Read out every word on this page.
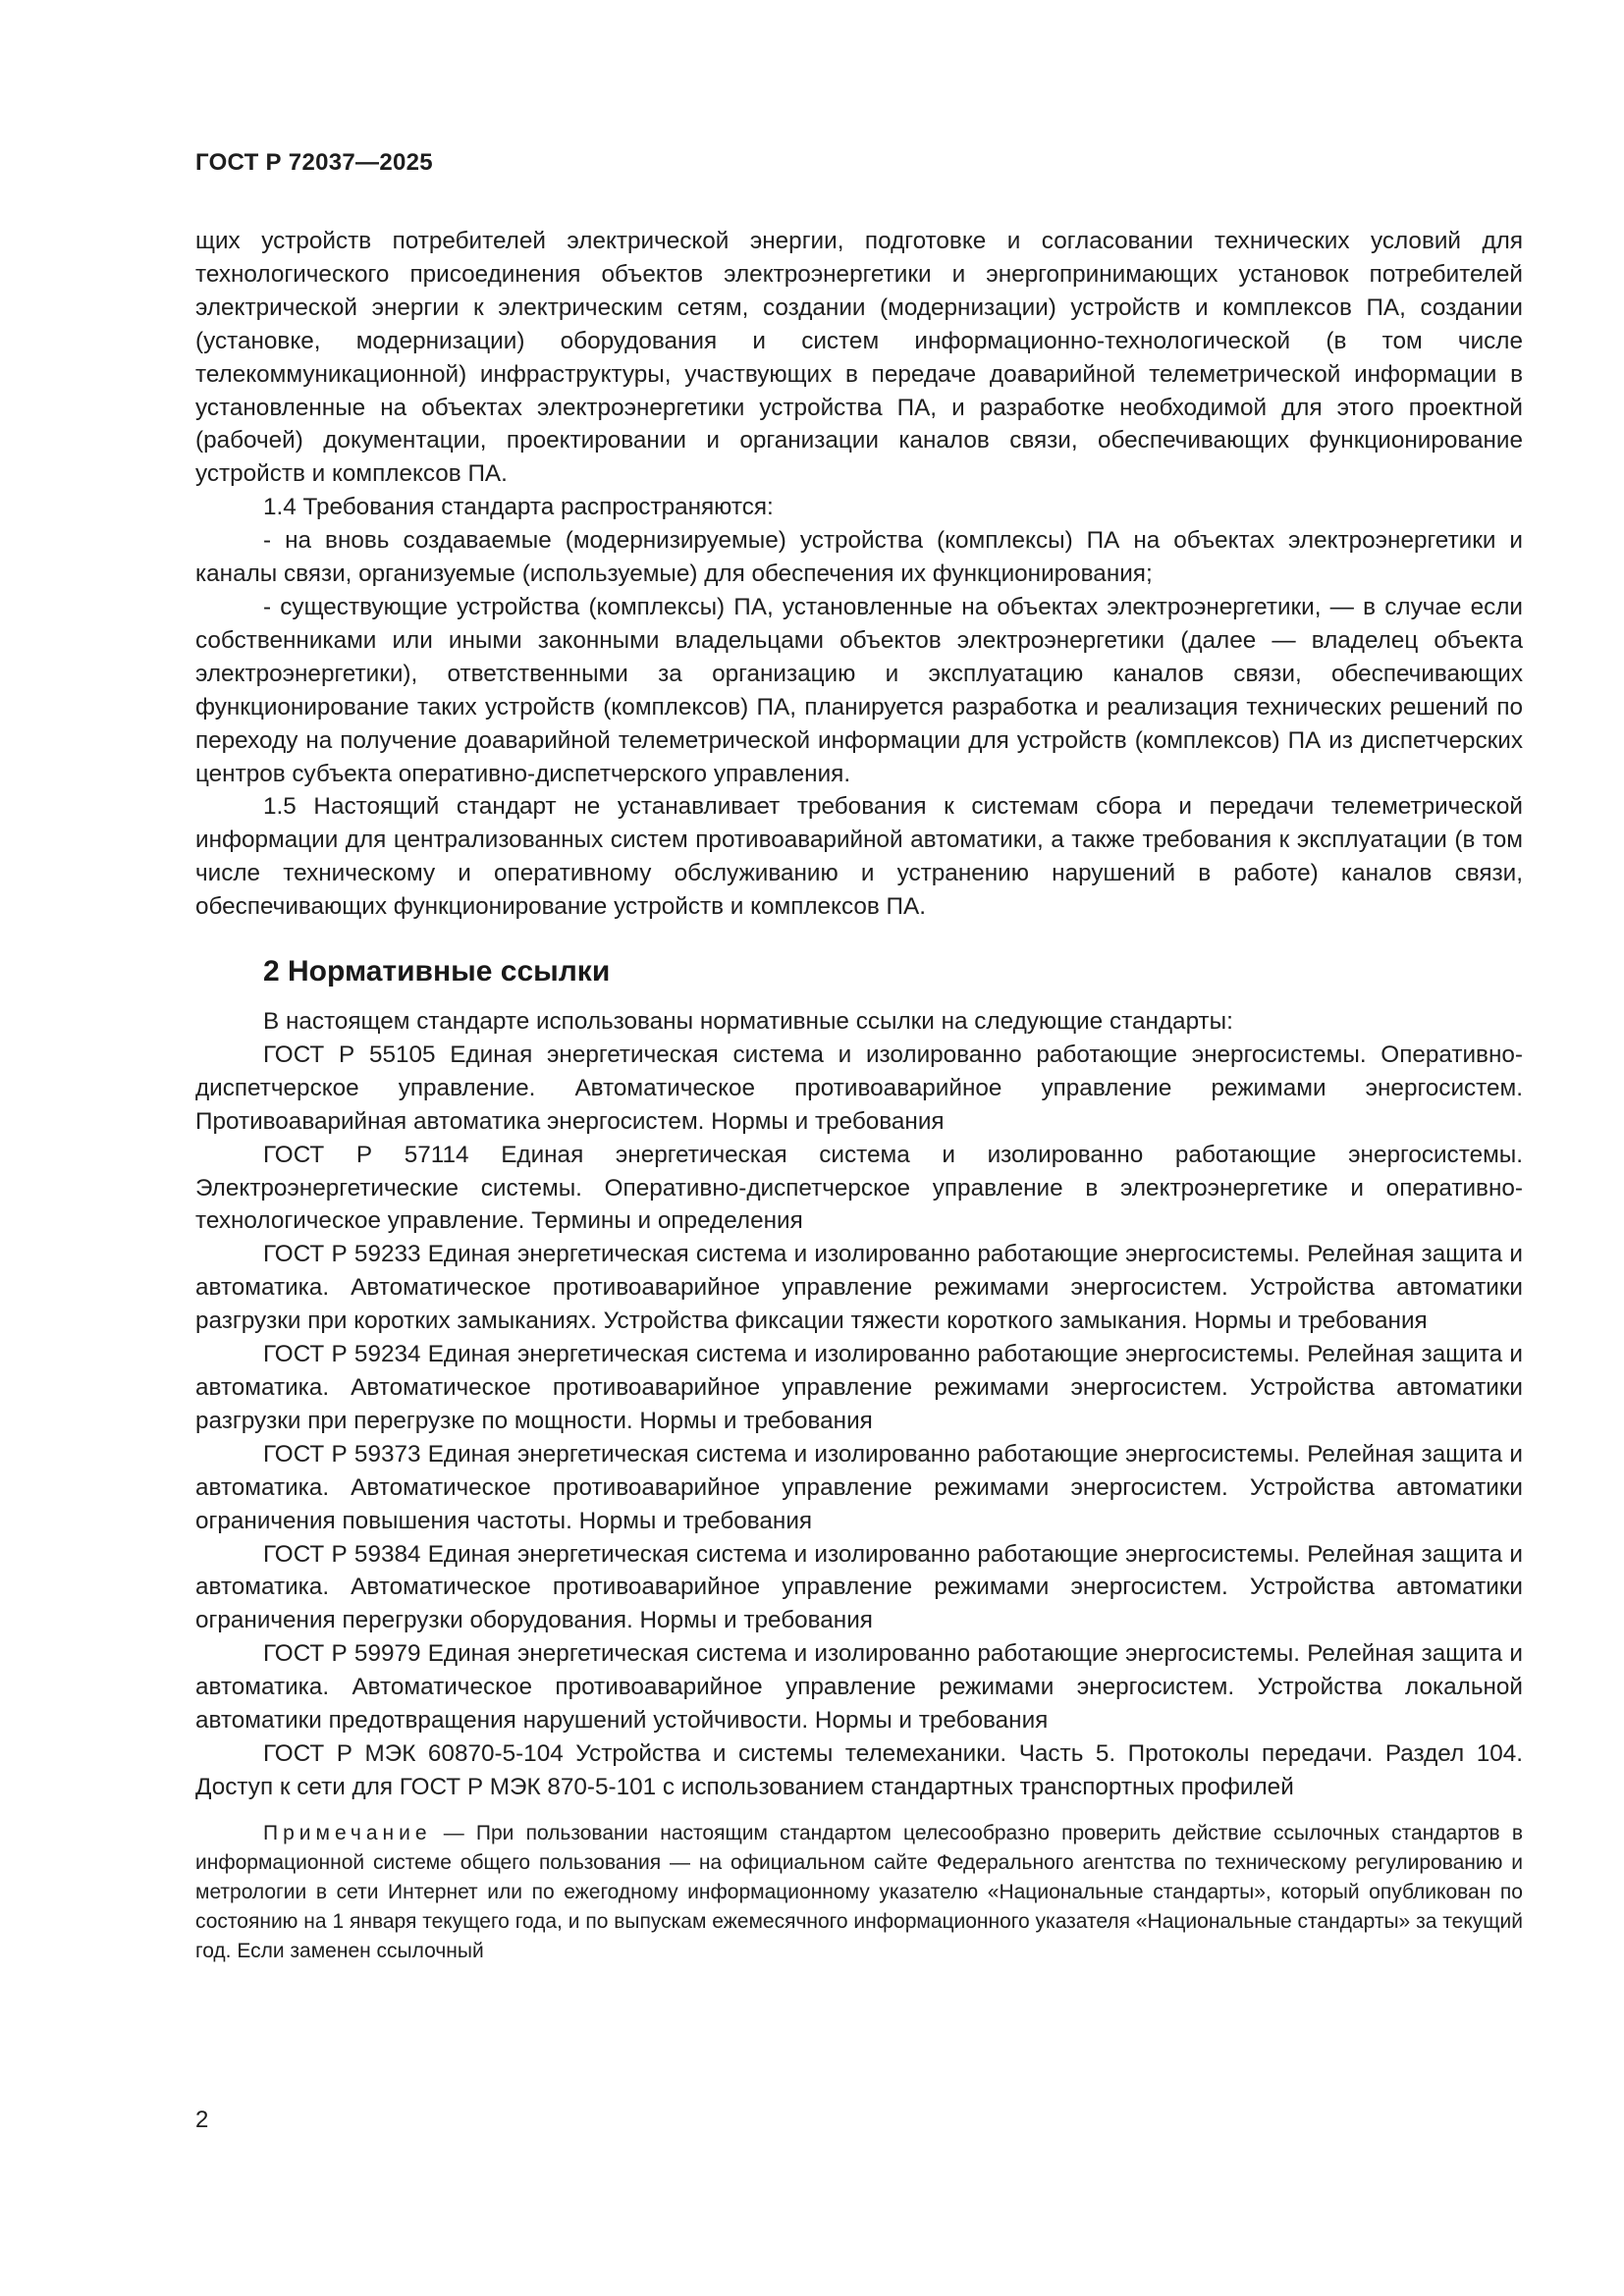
ГОСТ Р 72037—2025

щих устройств потребителей электрической энергии, подготовке и согласовании технических условий для технологического присоединения объектов электроэнергетики и энергопринимающих установок потребителей электрической энергии к электрическим сетям, создании (модернизации) устройств и комплексов ПА, создании (установке, модернизации) оборудования и систем информационно-технологической (в том числе телекоммуникационной) инфраструктуры, участвующих в передаче доаварийной телеметрической информации в установленные на объектах электроэнергетики устройства ПА, и разработке необходимой для этого проектной (рабочей) документации, проектировании и организации каналов связи, обеспечивающих функционирование устройств и комплексов ПА.

1.4 Требования стандарта распространяются:

- на вновь создаваемые (модернизируемые) устройства (комплексы) ПА на объектах электроэнергетики и каналы связи, организуемые (используемые) для обеспечения их функционирования;

- существующие устройства (комплексы) ПА, установленные на объектах электроэнергетики, — в случае если собственниками или иными законными владельцами объектов электроэнергетики (далее — владелец объекта электроэнергетики), ответственными за организацию и эксплуатацию каналов связи, обеспечивающих функционирование таких устройств (комплексов) ПА, планируется разработка и реализация технических решений по переходу на получение доаварийной телеметрической информации для устройств (комплексов) ПА из диспетчерских центров субъекта оперативно-диспетчерского управления.

1.5 Настоящий стандарт не устанавливает требования к системам сбора и передачи телеметрической информации для централизованных систем противоаварийной автоматики, а также требования к эксплуатации (в том числе техническому и оперативному обслуживанию и устранению нарушений в работе) каналов связи, обеспечивающих функционирование устройств и комплексов ПА.

2 Нормативные ссылки

В настоящем стандарте использованы нормативные ссылки на следующие стандарты:

ГОСТ Р 55105 Единая энергетическая система и изолированно работающие энергосистемы. Оперативно-диспетчерское управление. Автоматическое противоаварийное управление режимами энергосистем. Противоаварийная автоматика энергосистем. Нормы и требования

ГОСТ Р 57114 Единая энергетическая система и изолированно работающие энергосистемы. Электроэнергетические системы. Оперативно-диспетчерское управление в электроэнергетике и оперативно-технологическое управление. Термины и определения

ГОСТ Р 59233 Единая энергетическая система и изолированно работающие энергосистемы. Релейная защита и автоматика. Автоматическое противоаварийное управление режимами энергосистем. Устройства автоматики разгрузки при коротких замыканиях. Устройства фиксации тяжести короткого замыкания. Нормы и требования

ГОСТ Р 59234 Единая энергетическая система и изолированно работающие энергосистемы. Релейная защита и автоматика. Автоматическое противоаварийное управление режимами энергосистем. Устройства автоматики разгрузки при перегрузке по мощности. Нормы и требования

ГОСТ Р 59373 Единая энергетическая система и изолированно работающие энергосистемы. Релейная защита и автоматика. Автоматическое противоаварийное управление режимами энергосистем. Устройства автоматики ограничения повышения частоты. Нормы и требования

ГОСТ Р 59384 Единая энергетическая система и изолированно работающие энергосистемы. Релейная защита и автоматика. Автоматическое противоаварийное управление режимами энергосистем. Устройства автоматики ограничения перегрузки оборудования. Нормы и требования

ГОСТ Р 59979 Единая энергетическая система и изолированно работающие энергосистемы. Релейная защита и автоматика. Автоматическое противоаварийное управление режимами энергосистем. Устройства локальной автоматики предотвращения нарушений устойчивости. Нормы и требования

ГОСТ Р МЭК 60870-5-104 Устройства и системы телемеханики. Часть 5. Протоколы передачи. Раздел 104. Доступ к сети для ГОСТ Р МЭК 870-5-101 с использованием стандартных транспортных профилей

Примечание — При пользовании настоящим стандартом целесообразно проверить действие ссылочных стандартов в информационной системе общего пользования — на официальном сайте Федерального агентства по техническому регулированию и метрологии в сети Интернет или по ежегодному информационному указателю «Национальные стандарты», который опубликован по состоянию на 1 января текущего года, и по выпускам ежемесячного информационного указателя «Национальные стандарты» за текущий год. Если заменен ссылочный

2
